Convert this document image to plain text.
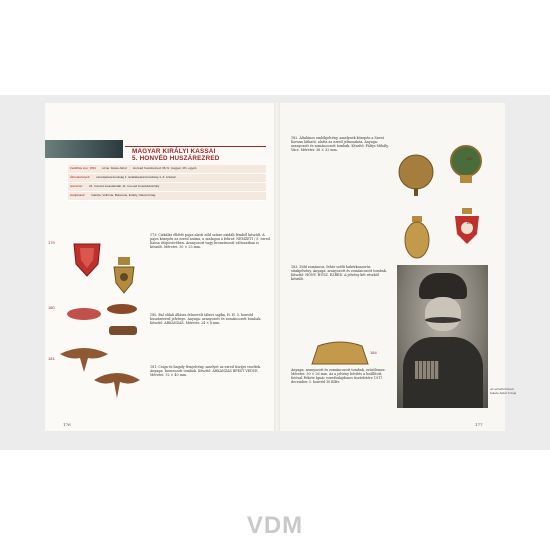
MAGYAR KIRÁLYI KASSAI
5. HONVÉD HUSZÁREZRED
Felállítás éve: 1891 színe: fekete-fehér Honvéd huszárezred: 96.%. magyar, 3%. egyéb
Állomáshelyek: ezredparancsnokság 1. tartalékparancsnokság 1–3. század
Garnizon: 24. honvéd lovasdandár, 11. honvéd lovashadosztály
Hadjáratok: Galícia, Volhínia, Bukovina, Erdély, Olaszország
179
180
181
179. Cirkálás éllétét pajzs alatti zöld színre oxidált fémből készült. A pajzs közepén az ezred száma, a szalagon a felirat: NEMZETI / 5. ezred. Kassa ötöpösévében. Aranyozott vagy bronzírozott változatban is készült. Méretei: 30 × 25 mm.
180. Bal oldali állásra felszerelt tábori sapka, H. H. 5. honvéd huszárezred jelvénye. Anyaga: aranyozott és zománcozott tombak. Készítő: ARKANZAS. Méretei: 24 × 8 mm.
181. Csiga-és bagoly fémjelvény, amelyet az ezred tisztjei viseltek. Anyaga: bronzozott tombak. Készítő: ARKANZAS BPEST VEDVE. Méretei: 32 × 40 mm.
182. Általános emlékjelvény, amelynek közepén a Szent Korona látható, alatta az ezred jelmondata. Anyaga: aranyozott és zománcozott tombak. Készítő: Fáltys Mihály, Vácz. Méretei: 36 × 32 mm.
183. Zöld zománcos, fehér szélű babérkoszorús sisakjelvény. Anyaga: aranyozott és zománcozott tombak. Készítő: HONV. HUSZ. EZRED. A jelvény két részből készült.
Anyaga: aranyozott és zománcozott tombak, ezüstlemez. Méretei: 30 × 26 mm. Az a jelvény bővítés a beállított, fotóval Fekete Ignác ezredtulajdonos tiszteletére 1917. december 3. honvéd 30 fillér.
182
183
184
Az ezredtörténet fekete-fehér fotója
176	177
VDM
